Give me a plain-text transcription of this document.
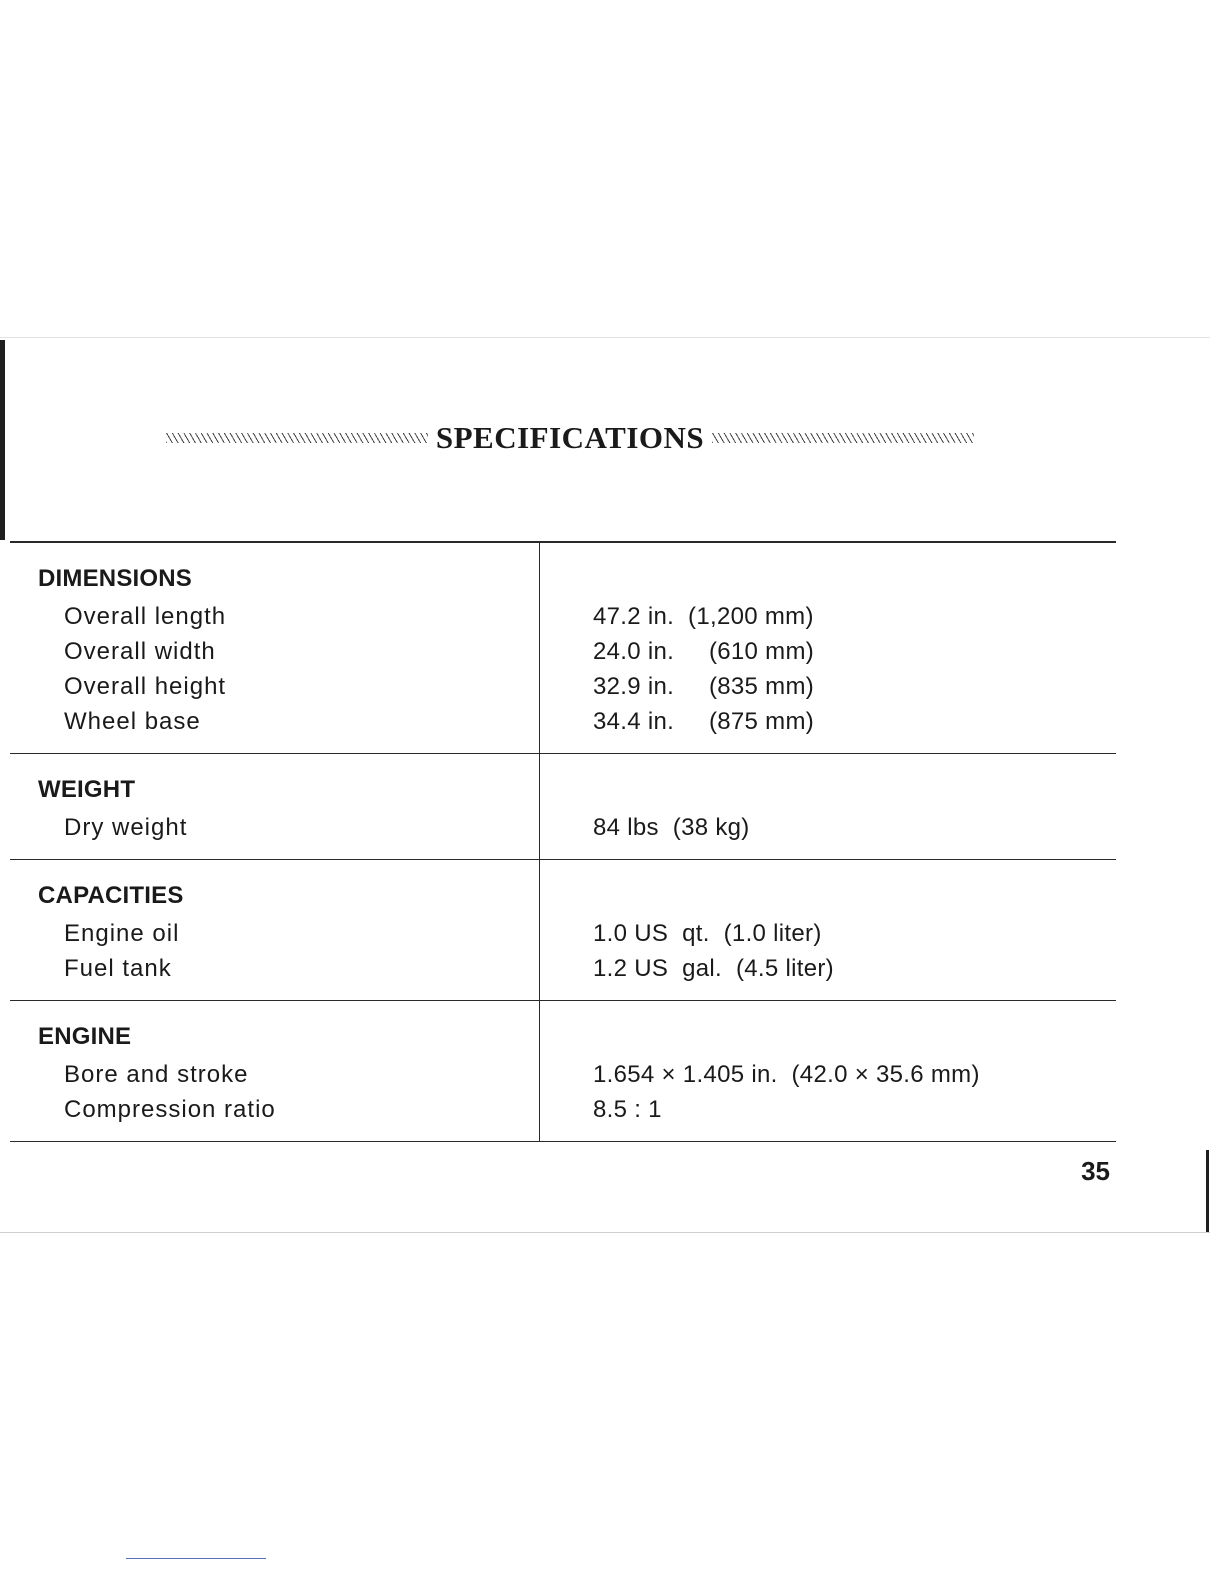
SPECIFICATIONS
DIMENSIONS
Overall length
Overall width
Overall height
Wheel base
47.2 in.  (1,200 mm)
24.0 in.     (610 mm)
32.9 in.     (835 mm)
34.4 in.     (875 mm)
WEIGHT
Dry weight	84 lbs  (38 kg)
CAPACITIES
Engine oil
Fuel tank
1.0 US  qt.  (1.0 liter)
1.2 US  gal.  (4.5 liter)
ENGINE
Bore and stroke
Compression ratio
1.654 × 1.405 in.  (42.0 × 35.6 mm)
8.5 : 1
35
